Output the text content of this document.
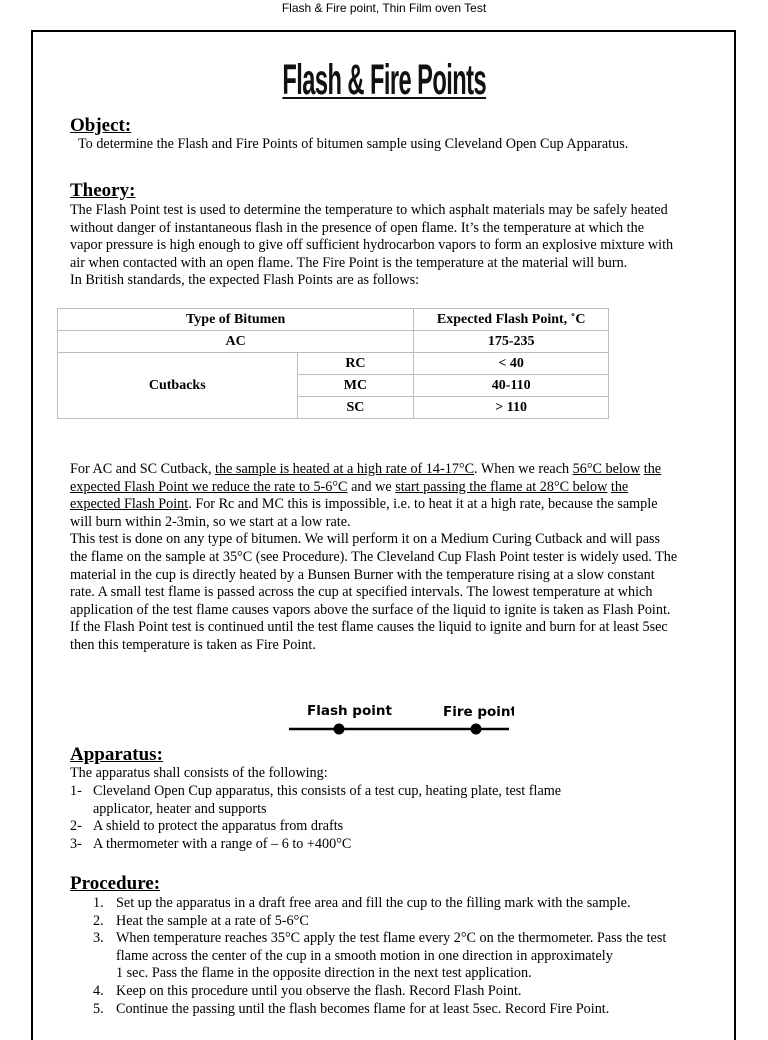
Flash & Fire point, Thin Film oven Test
Flash & Fire Points
Object:
To determine the Flash and Fire Points of bitumen sample using Cleveland Open Cup Apparatus.
Theory:
The Flash Point test is used to determine the temperature to which asphalt materials may be safely heated
without danger of instantaneous flash in the presence of open flame. It’s the temperature at which the
vapor pressure is high enough to give off sufficient hydrocarbon vapors to form an explosive mixture with
air when contacted with an open flame. The Fire Point is the temperature at the material will burn.
In British standards, the expected Flash Points are as follows:
Type of Bitumen		Expected Flash Point, ˚C
AC		175-235
Cutbacks	RC	< 40
	MC	40-110
	SC	> 110
For AC and SC Cutback, the sample is heated at a high rate of 14-17°C. When we reach 56°C below the
expected Flash Point we reduce the rate to 5-6°C and we start passing the flame at 28°C below the
expected Flash Point. For Rc and MC this is impossible, i.e. to heat it at a high rate, because the sample
will burn within 2-3min, so we start at a low rate.
This test is done on any type of bitumen. We will perform it on a Medium Curing Cutback and will pass
the flame on the sample at 35°C (see Procedure). The Cleveland Cup Flash Point tester is widely used. The
material in the cup is directly heated by a Bunsen Burner with the temperature rising at a slow constant
rate. A small test flame is passed across the cup at specified intervals. The lowest temperature at which
application of the test flame causes vapors above the surface of the liquid to ignite is taken as Flash Point.
If the Flash Point test is continued until the test flame causes the liquid to ignite and burn for at least 5sec
then this temperature is taken as Fire Point.
Flash point	Fire point
Apparatus:
The apparatus shall consists of the following:
1- Cleveland Open Cup apparatus, this consists of a test cup, heating plate, test flame
applicator, heater and supports
2- A shield to protect the apparatus from drafts
3- A thermometer with a range of – 6 to +400°C
Procedure:
1. Set up the apparatus in a draft free area and fill the cup to the filling mark with the sample.
2. Heat the sample at a rate of 5-6°C
3. When temperature reaches 35°C apply the test flame every 2°C on the thermometer. Pass the test
flame across the center of the cup in a smooth motion in one direction in approximately
1 sec. Pass the flame in the opposite direction in the next test application.
4. Keep on this procedure until you observe the flash. Record Flash Point.
5. Continue the passing until the flash becomes flame for at least 5sec. Record Fire Point.
